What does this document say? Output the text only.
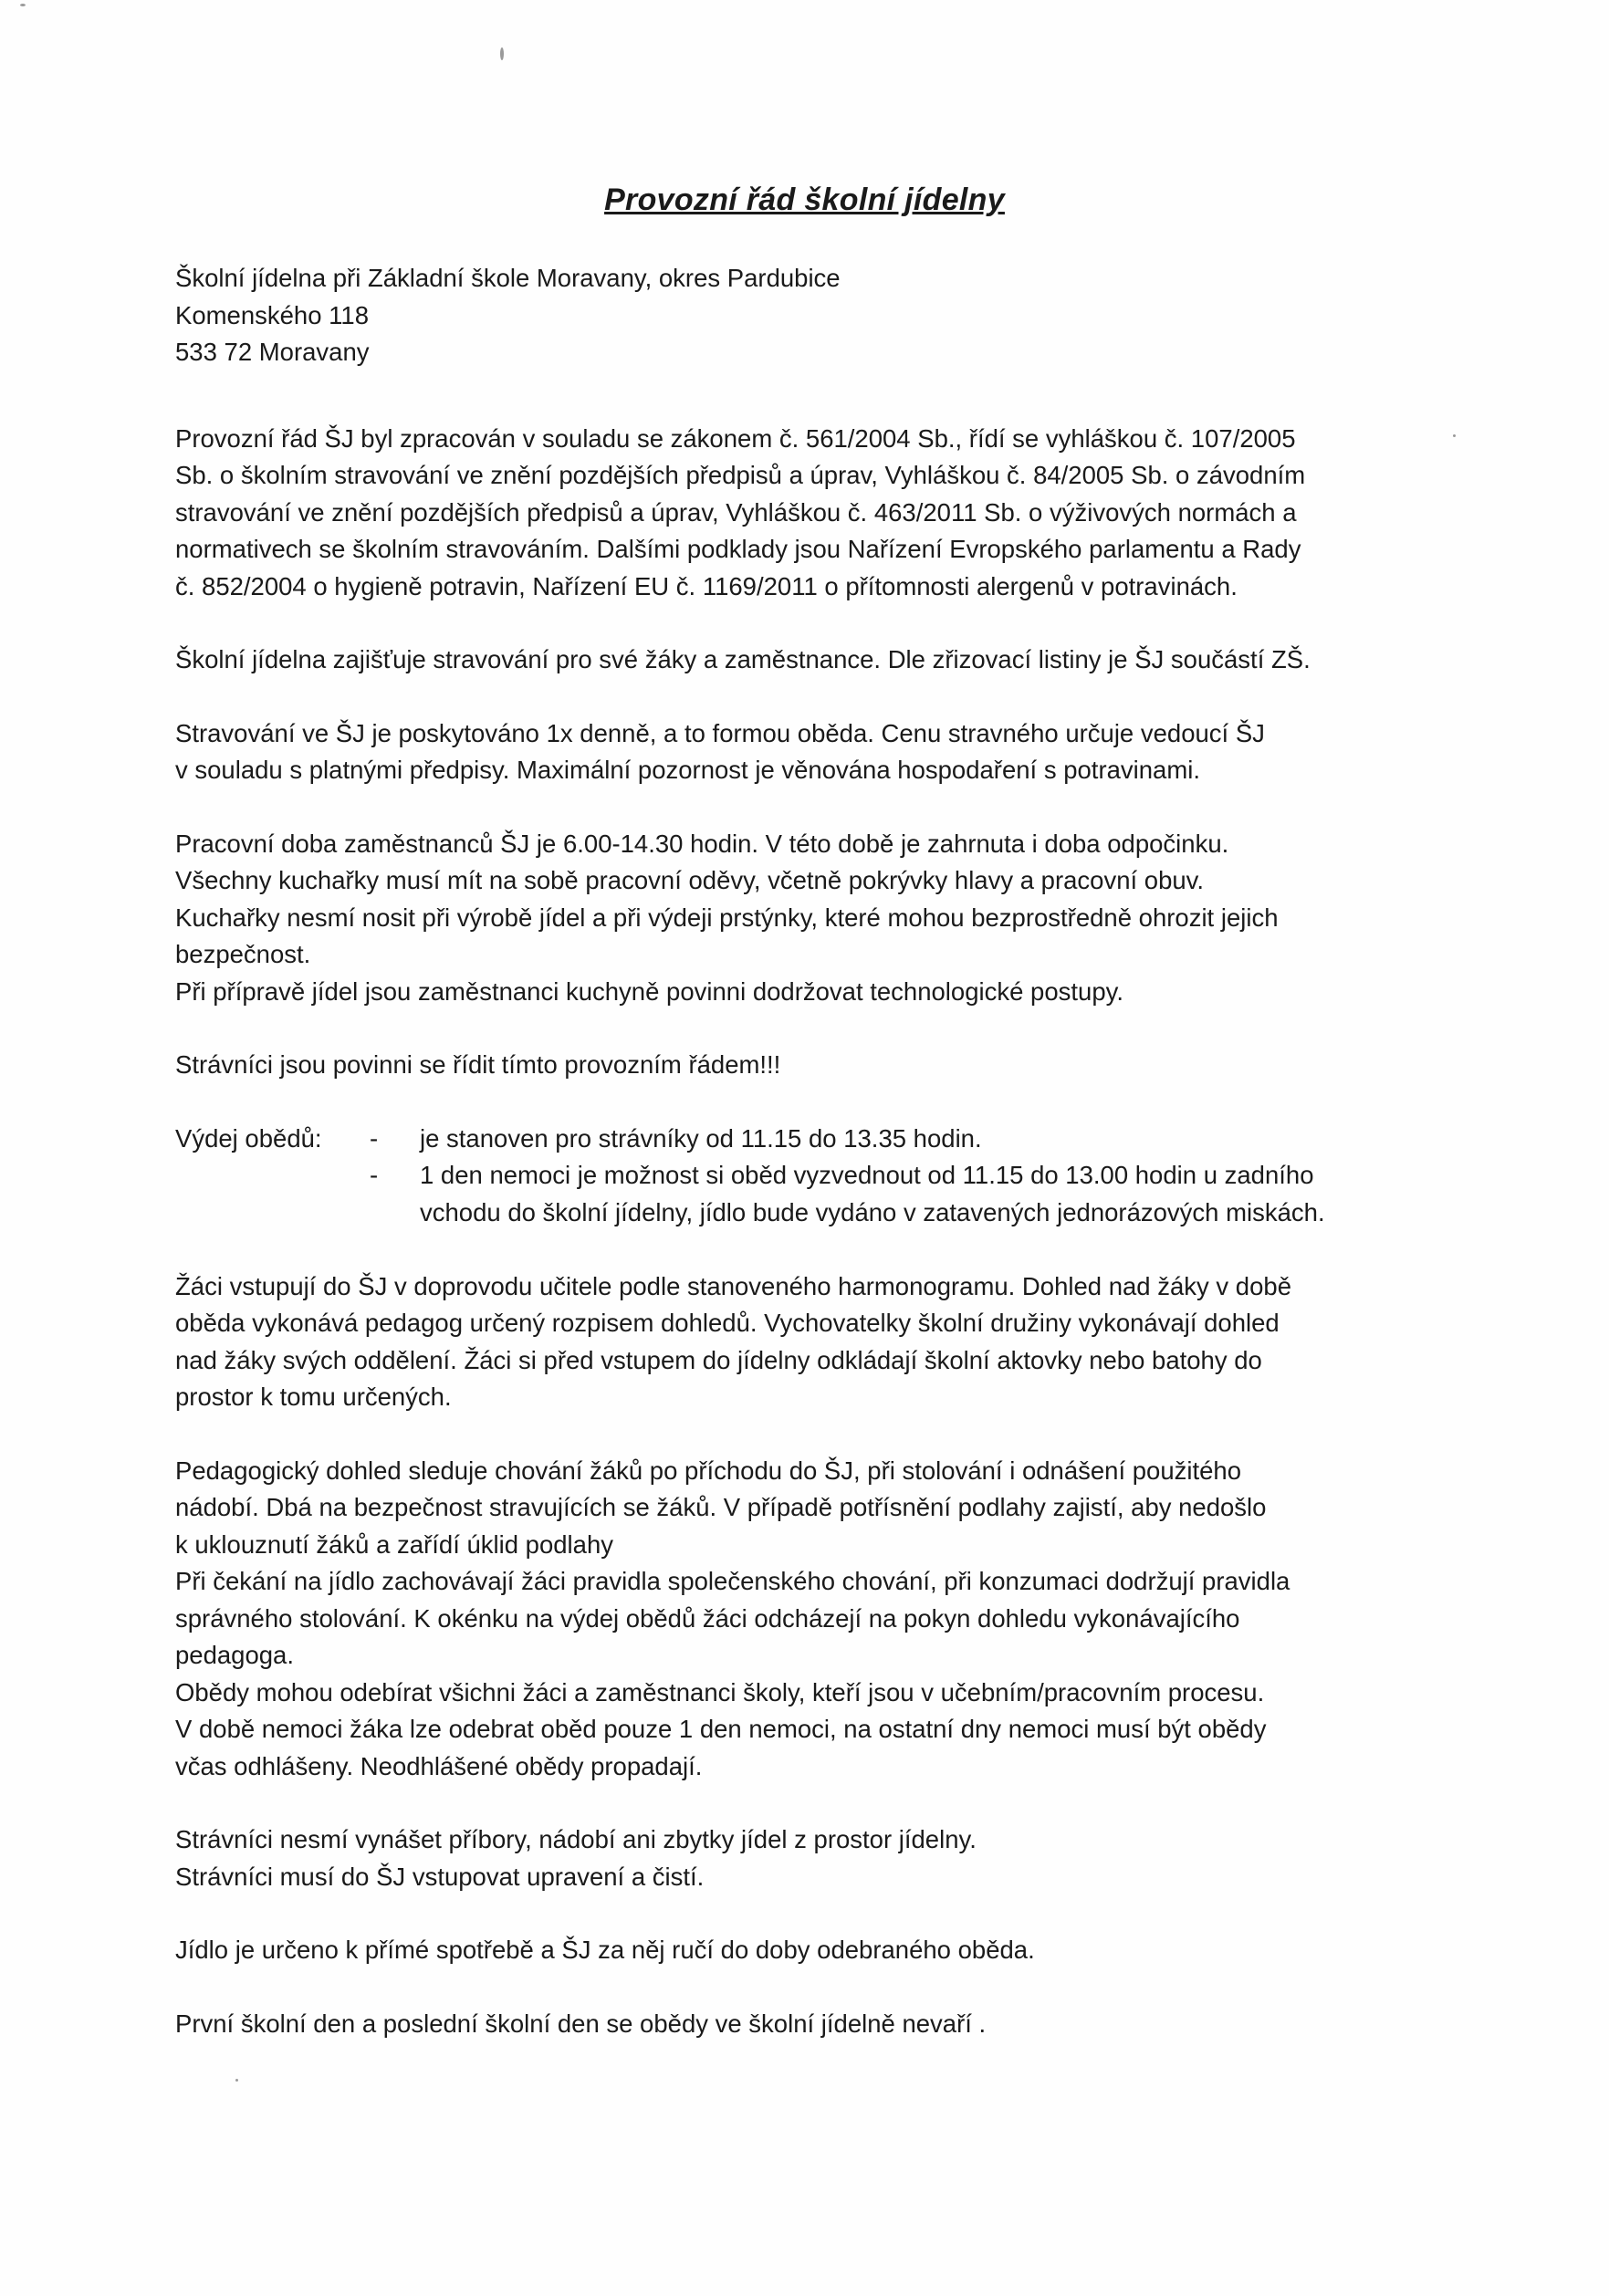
Provozní řád školní jídelny
Školní jídelna při Základní škole Moravany, okres Pardubice
Komenského 118
533 72 Moravany
Provozní řád ŠJ byl zpracován v souladu se zákonem č. 561/2004 Sb., řídí se vyhláškou č. 107/2005
Sb. o školním stravování ve znění pozdějších předpisů a úprav, Vyhláškou č. 84/2005 Sb. o závodním
stravování ve znění pozdějších předpisů a úprav, Vyhláškou č. 463/2011 Sb. o výživových normách a
normativech se školním stravováním. Dalšími podklady jsou Nařízení Evropského parlamentu a Rady
č. 852/2004 o hygieně potravin, Nařízení EU č. 1169/2011 o přítomnosti alergenů v potravinách.
Školní jídelna zajišťuje stravování pro své žáky a zaměstnance. Dle zřizovací listiny je ŠJ součástí ZŠ.
Stravování ve ŠJ je poskytováno 1x denně, a to formou oběda. Cenu stravného určuje vedoucí ŠJ
v souladu s platnými předpisy. Maximální pozornost je věnována hospodaření s potravinami.
Pracovní doba zaměstnanců ŠJ je 6.00-14.30 hodin. V této době je zahrnuta i doba odpočinku.
Všechny kuchařky musí mít na sobě pracovní oděvy, včetně pokrývky hlavy a pracovní obuv.
Kuchařky nesmí nosit při výrobě jídel a při výdeji prstýnky, které mohou bezprostředně ohrozit jejich
bezpečnost.
Při přípravě jídel jsou zaměstnanci kuchyně povinni dodržovat technologické postupy.
Strávníci jsou povinni se řídit tímto provozním řádem!!!
Výdej obědů: - je stanoven pro strávníky od 11.15 do 13.35 hodin.
- 1 den nemoci je možnost si oběd vyzvednout od 11.15 do 13.00 hodin u zadního
vchodu do školní jídelny, jídlo bude vydáno v zatavených jednorázových miskách.
Žáci vstupují do ŠJ v doprovodu učitele podle stanoveného harmonogramu. Dohled nad žáky v době
oběda vykonává pedagog určený rozpisem dohledů. Vychovatelky školní družiny vykonávají dohled
nad žáky svých oddělení. Žáci si před vstupem do jídelny odkládají školní aktovky nebo batohy do
prostor k tomu určených.
Pedagogický dohled sleduje chování žáků po příchodu do ŠJ, při stolování i odnášení použitého
nádobí. Dbá na bezpečnost stravujících se žáků. V případě potřísnění podlahy zajistí, aby nedošlo
k uklouznutí žáků a zařídí úklid podlahy
Při čekání na jídlo zachovávají žáci pravidla společenského chování, při konzumaci dodržují pravidla
správného stolování. K okénku na výdej obědů žáci odcházejí na pokyn dohledu vykonávajícího
pedagoga.
Obědy mohou odebírat všichni žáci a zaměstnanci školy, kteří jsou v učebním/pracovním procesu.
V době nemoci žáka lze odebrat oběd pouze 1 den nemoci, na ostatní dny nemoci musí být obědy
včas odhlášeny. Neodhlášené obědy propadají.
Strávníci nesmí vynášet příbory, nádobí ani zbytky jídel z prostor jídelny.
Strávníci musí do ŠJ vstupovat upravení a čistí.
Jídlo je určeno k přímé spotřebě a ŠJ za něj ručí do doby odebraného oběda.
První školní den a poslední školní den se obědy ve školní jídelně nevaří .
